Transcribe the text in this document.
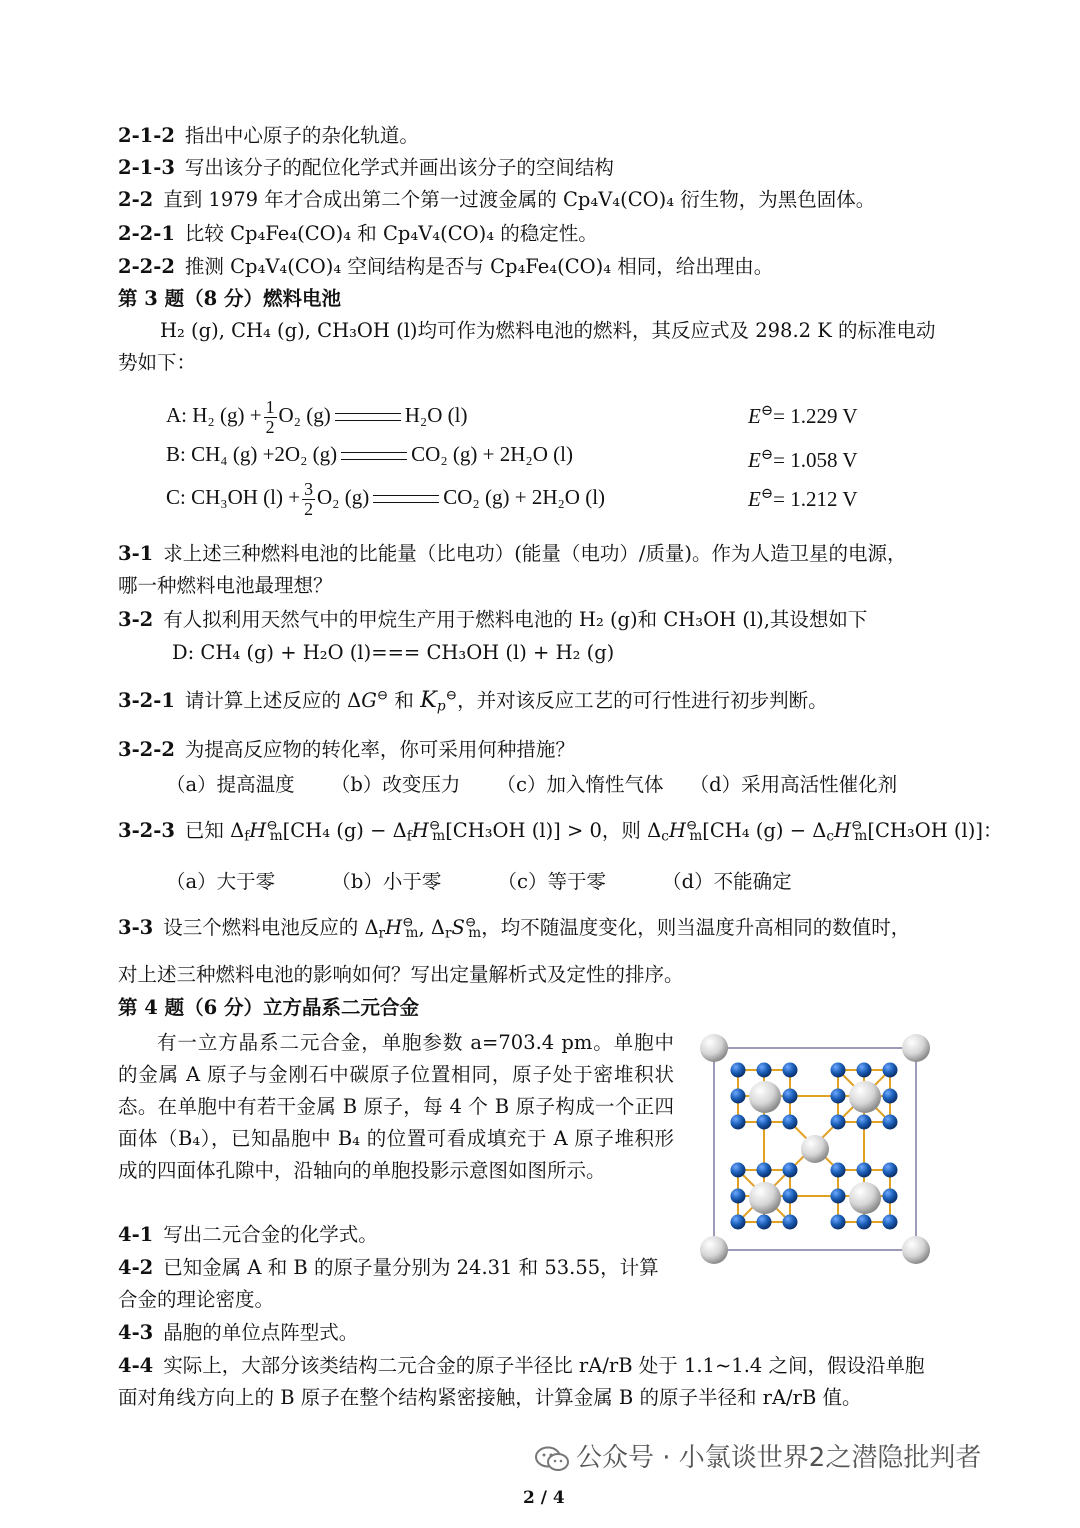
2-1-2 指出中心原子的杂化轨道。
2-1-3 写出该分子的配位化学式并画出该分子的空间结构
2-2 直到 1979 年才合成出第二个第一过渡金属的 Cp₄V₄(CO)₄ 衍生物，为黑色固体。
2-2-1 比较 Cp₄Fe₄(CO)₄ 和 Cp₄V₄(CO)₄ 的稳定性。
2-2-2 推测 Cp₄V₄(CO)₄ 空间结构是否与 Cp₄Fe₄(CO)₄ 相同，给出理由。
第 3 题（8 分）燃料电池
H₂ (g), CH₄ (g), CH₃OH (l)均可作为燃料电池的燃料，其反应式及 298.2 K 的标准电动
势如下：
A: H₂ $(g) + \frac{1}{2} O_2$ (g)	H₂O (l)	E⊖= 1.229 V
B: CH₄ (g) +2O₂ (g)	CO₂ (g) + 2H₂O (l)	E⊖= 1.058 V
C: CH₃OH $(l) + \frac{3}{2} O_2$ (g)	CO₂ (g) + 2H₂O (l)	E⊖= 1.212 V
3-1 求上述三种燃料电池的比能量（比电功）(能量（电功）/质量)。作为人造卫星的电源，
哪一种燃料电池最理想？
3-2 有人拟利用天然气中的甲烷生产用于燃料电池的 H₂ (g)和 CH₃OH (l),其设想如下
D: CH₄ (g) + H₂O (l)=== CH₃OH (l) + H₂ (g)
3-2-1 请计算上述反应的 ΔG⊖ 和 $K_p^⊖$，并对该反应工艺的可行性进行初步判断。
3-2-2 为提高反应物的转化率，你可采用何种措施？
（a）提高温度 （b）改变压力 （c）加入惰性气体 （d）采用高活性催化剂
3-2-3 已知 $\Delta_fH^⊖_m[CH_4$ $(g) - \Delta_fH^⊖_m[CH_3OH$ (l)] > 0，则 $\Delta_cH^⊖_m[CH_4$ $(g) - \Delta_cH^⊖_m[CH_3OH$ (l)]：
（a）大于零	（b）小于零	（c）等于零	（d）不能确定
3-3 设三个燃料电池反应的 $\Delta_rH^⊖_m$, $\Delta_rS^⊖_m$，均不随温度变化，则当温度升高相同的数值时，
对上述三种燃料电池的影响如何？写出定量解析式及定性的排序。
第 4 题（6 分）立方晶系二元合金

有一立方晶系二元合金，单胞参数 a=703.4 pm。单胞中的金属 A 原子与金刚石中碳原子位置相同，原子处于密堆积状态。在单胞中有若干金属 B 原子，每 4 个 B 原子构成一个正四面体（B₄），已知晶胞中 B₄ 的位置可看成填充于 A 原子堆积形成的四面体孔隙中，沿轴向的单胞投影示意图如图所示。

4-1 写出二元合金的化学式。
4-2 已知金属 A 和 B 的原子量分别为 24.31 和 53.55，计算
合金的理论密度。
4-3 晶胞的单位点阵型式。
4-4 实际上，大部分该类结构二元合金的原子半径比 rA/rB 处于 1.1~1.4 之间，假设沿单胞
面对角线方向上的 B 原子在整个结构紧密接触，计算金属 B 的原子半径和 rA/rB 值。
公众号 · 小氯谈世界2之潜隐批判者
2 / 4
